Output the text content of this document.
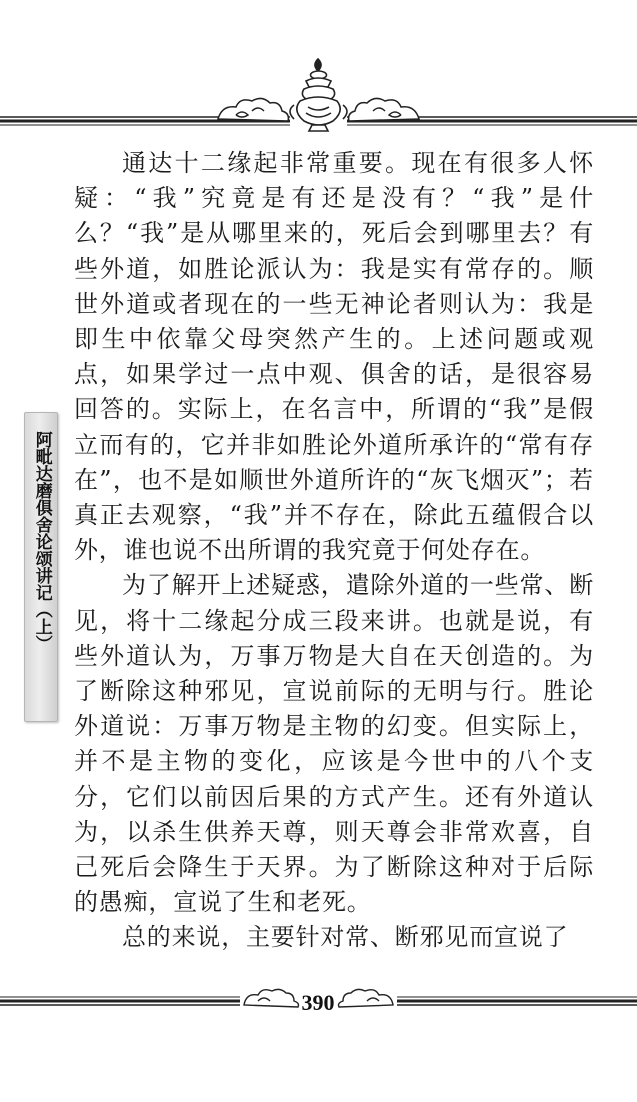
阿毗达磨俱舍论颂讲记（上）

通达十二缘起非常重要。现在有很多人怀疑：“我”究竟是有还是没有？“我”是什么？“我”是从哪里来的，死后会到哪里去？有些外道，如胜论派认为：我是实有常存的。顺世外道或者现在的一些无神论者则认为：我是即生中依靠父母突然产生的。上述问题或观点，如果学过一点中观、俱舍的话，是很容易回答的。实际上，在名言中，所谓的“我”是假立而有的，它并非如胜论外道所承许的“常有存在”，也不是如顺世外道所许的“灰飞烟灭”；若真正去观察，“我”并不存在，除此五蕴假合以外，谁也说不出所谓的我究竟于何处存在。

为了解开上述疑惑，遣除外道的一些常、断见，将十二缘起分成三段来讲。也就是说，有些外道认为，万事万物是大自在天创造的。为了断除这种邪见，宣说前际的无明与行。胜论外道说：万事万物是主物的幻变。但实际上，并不是主物的变化，应该是今世中的八个支分，它们以前因后果的方式产生。还有外道认为，以杀生供养天尊，则天尊会非常欢喜，自己死后会降生于天界。为了断除这种对于后际的愚痴，宣说了生和老死。

总的来说，主要针对常、断邪见而宣说了

390
